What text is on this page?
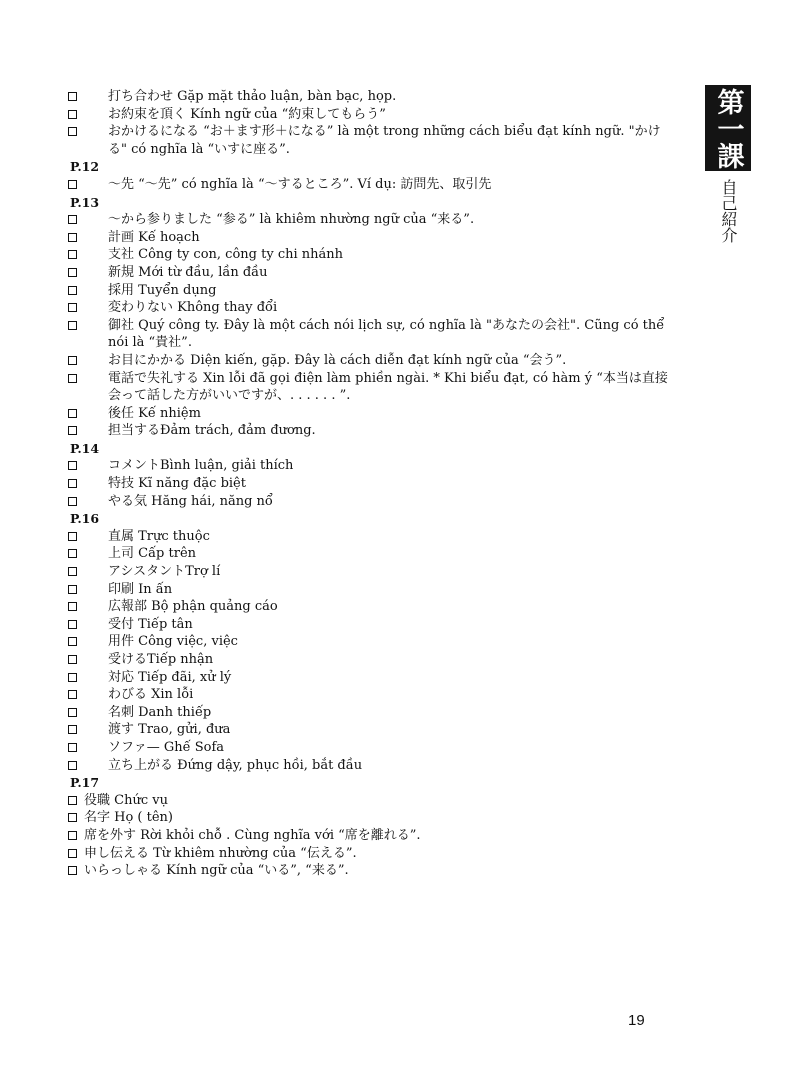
打ち合わせ Gặp mặt thảo luận, bàn bạc, họp.
お約束を頂く Kính ngữ của “約束してもらう”
おかけるになる “お＋ます形＋になる” là một trong những cách biểu đạt kính ngữ. "かける" có nghĩa là “いすに座る”.
P.12
～先 “～先” có nghĩa là “～するところ”. Ví dụ: 訪問先、取引先
P.13
～から参りました “参る” là khiêm nhường ngữ của “来る”.
計画 Kế hoạch
支社 Công ty con, công ty chi nhánh
新規 Mới từ đầu, lần đầu
採用 Tuyển dụng
変わりない Không thay đổi
御社 Quý công ty. Đây là một cách nói lịch sự, có nghĩa là "あなたの会社". Cũng có thể nói là “貴社”.
お目にかかる Diện kiến, gặp. Đây là cách diễn đạt kính ngữ của “会う”.
電話で失礼する Xin lỗi đã gọi điện làm phiền ngài. * Khi biểu đạt, có hàm ý “本当は直接会って話した方がいいですが、. . . . . . ”.
後任 Kế nhiệm
担当するĐảm trách, đảm đương.
P.14
コメントBình luận, giải thích
特技 Kĩ năng đặc biệt
やる気 Hăng hái, năng nổ
P.16
直属 Trực thuộc
上司 Cấp trên
アシスタントTrợ lí
印刷 In ấn
広報部 Bộ phận quảng cáo
受付 Tiếp tân
用件 Công việc, việc
受けるTiếp nhận
対応 Tiếp đãi, xử lý
わびる Xin lỗi
名刺 Danh thiếp
渡す Trao, gửi, đưa
ソファ— Ghế Sofa
立ち上がる Đứng dậy, phục hồi, bắt đầu
P.17
役職 Chức vụ
名字 Họ ( tên)
席を外す Rời khỏi chỗ . Cùng nghĩa với “席を離れる”.
申し伝える Từ khiêm nhường của “伝える”.
いらっしゃる Kính ngữ của “いる”, “来る”.
第一課
自己紹介
19
